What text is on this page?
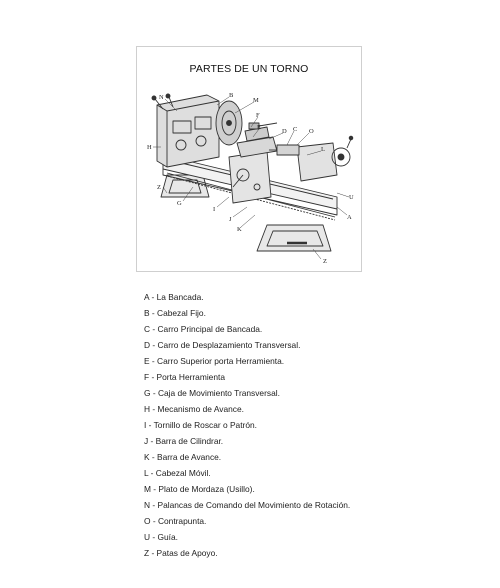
PARTES DE UN TORNO
N	B
M
F
E
D C O
L
H
Z
G
I
J
K
A
U
Z
A - La Bancada.
B - Cabezal Fijo.
C - Carro Principal de Bancada.
D - Carro de Desplazamiento Transversal.
E - Carro Superior porta Herramienta.
F - Porta Herramienta
G - Caja de Movimiento Transversal.
H - Mecanismo de Avance.
I - Tornillo de Roscar o Patrón.
J - Barra de Cilindrar.
K - Barra de Avance.
L - Cabezal Móvil.
M - Plato de Mordaza (Usillo).
N - Palancas de Comando del Movimiento de Rotación.
O - Contrapunta.
U - Guía.
Z - Patas de Apoyo.
